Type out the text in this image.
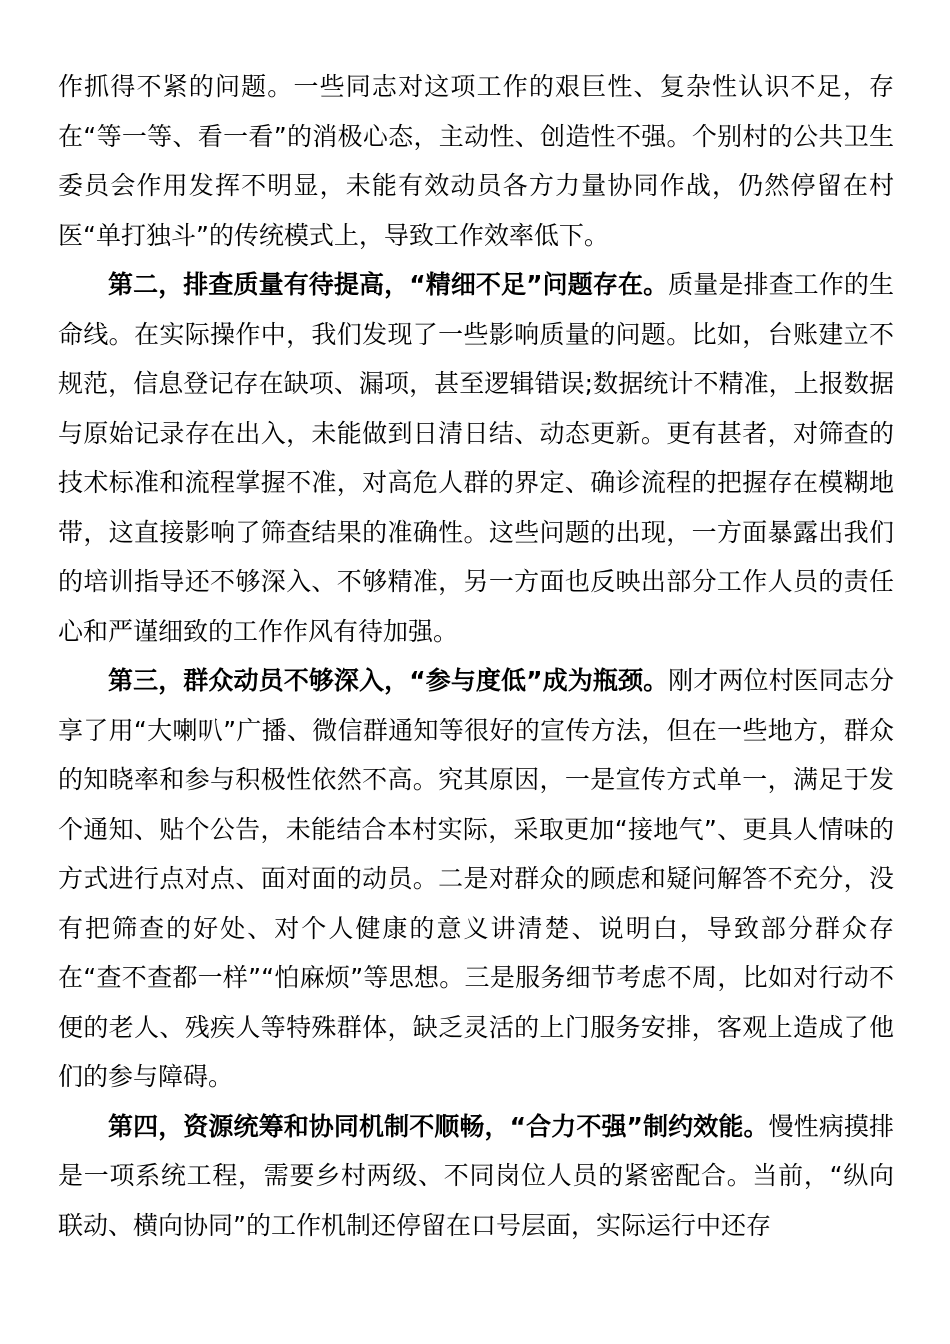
作抓得不紧的问题。一些同志对这项工作的艰巨性、复杂性认识不足，存在“等一等、看一看”的消极心态，主动性、创造性不强。个别村的公共卫生委员会作用发挥不明显，未能有效动员各方力量协同作战，仍然停留在村医“单打独斗”的传统模式上，导致工作效率低下。

第二，排查质量有待提高，“精细不足”问题存在。质量是排查工作的生命线。在实际操作中，我们发现了一些影响质量的问题。比如，台账建立不规范，信息登记存在缺项、漏项，甚至逻辑错误;数据统计不精准，上报数据与原始记录存在出入，未能做到日清日结、动态更新。更有甚者，对筛查的技术标准和流程掌握不准，对高危人群的界定、确诊流程的把握存在模糊地带，这直接影响了筛查结果的准确性。这些问题的出现，一方面暴露出我们的培训指导还不够深入、不够精准，另一方面也反映出部分工作人员的责任心和严谨细致的工作作风有待加强。

第三，群众动员不够深入，“参与度低”成为瓶颈。刚才两位村医同志分享了用“大喇叭”广播、微信群通知等很好的宣传方法，但在一些地方，群众的知晓率和参与积极性依然不高。究其原因，一是宣传方式单一，满足于发个通知、贴个公告，未能结合本村实际，采取更加“接地气”、更具人情味的方式进行点对点、面对面的动员。二是对群众的顾虑和疑问解答不充分，没有把筛查的好处、对个人健康的意义讲清楚、说明白，导致部分群众存在“查不查都一样”“怕麻烦”等思想。三是服务细节考虑不周，比如对行动不便的老人、残疾人等特殊群体，缺乏灵活的上门服务安排，客观上造成了他们的参与障碍。

第四，资源统筹和协同机制不顺畅，“合力不强”制约效能。慢性病摸排是一项系统工程，需要乡村两级、不同岗位人员的紧密配合。当前，“纵向联动、横向协同”的工作机制还停留在口号层面，实际运行中还存
